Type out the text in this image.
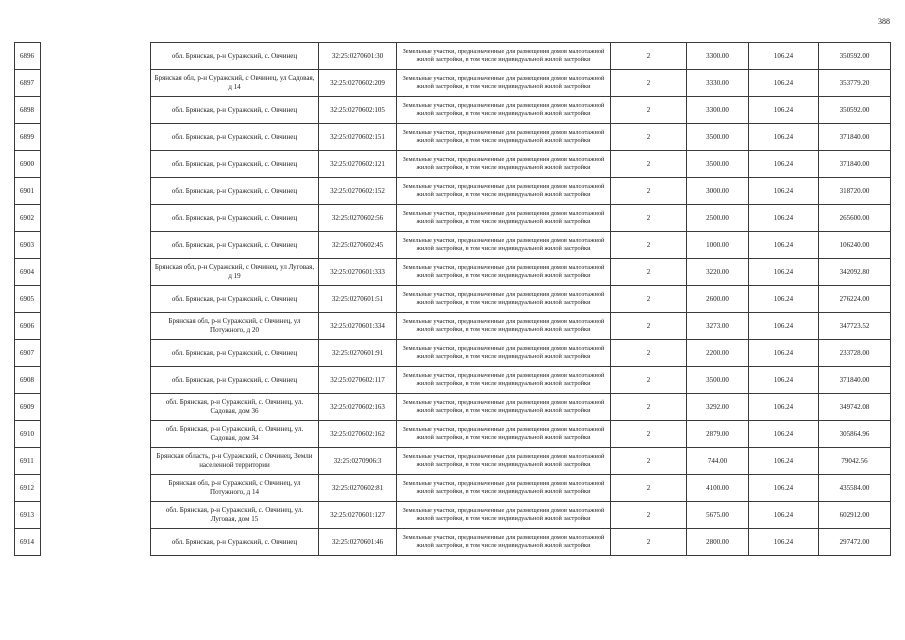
388
6896		обл. Брянская, р-н Суражский, с. Овчинец	32:25:0270601:30	Земельные участки, предназначенные для размещения домов малоэтажной жилой застройки, в том числе индивидуальной жилой застройки	2	3300.00	106.24	350592.00
6897		Брянская обл, р-н Суражский, с Овчинец, ул Садовая, д 14	32:25:0270602:209	Земельные участки, предназначенные для размещения домов малоэтажной жилой застройки, в том числе индивидуальной жилой застройки	2	3330.00	106.24	353779.20
6898		обл. Брянская, р-н Суражский, с. Овчинец	32:25:0270602:105	Земельные участки, предназначенные для размещения домов малоэтажной жилой застройки, в том числе индивидуальной жилой застройки	2	3300.00	106.24	350592.00
6899		обл. Брянская, р-н Суражский, с. Овчинец	32:25:0270602:151	Земельные участки, предназначенные для размещения домов малоэтажной жилой застройки, в том числе индивидуальной жилой застройки	2	3500.00	106.24	371840.00
6900		обл. Брянская, р-н Суражский, с. Овчинец	32:25:0270602:121	Земельные участки, предназначенные для размещения домов малоэтажной жилой застройки, в том числе индивидуальной жилой застройки	2	3500.00	106.24	371840.00
6901		обл. Брянская, р-н Суражский, с. Овчинец	32:25:0270602:152	Земельные участки, предназначенные для размещения домов малоэтажной жилой застройки, в том числе индивидуальной жилой застройки	2	3000.00	106.24	318720.00
6902		обл. Брянская, р-н Суражский, с. Овчинец	32:25:0270602:56	Земельные участки, предназначенные для размещения домов малоэтажной жилой застройки, в том числе индивидуальной жилой застройки	2	2500.00	106.24	265600.00
6903		обл. Брянская, р-н Суражский, с. Овчинец	32:25:0270602:45	Земельные участки, предназначенные для размещения домов малоэтажной жилой застройки, в том числе индивидуальной жилой застройки	2	1000.00	106.24	106240.00
6904		Брянская обл, р-н Суражский, с Овчинец, ул Луговая, д 19	32:25:0270601:333	Земельные участки, предназначенные для размещения домов малоэтажной жилой застройки, в том числе индивидуальной жилой застройки	2	3220.00	106.24	342092.80
6905		обл. Брянская, р-н Суражский, с. Овчинец	32:25:0270601:51	Земельные участки, предназначенные для размещения домов малоэтажной жилой застройки, в том числе индивидуальной жилой застройки	2	2600.00	106.24	276224.00
6906		Брянская обл, р-н Суражский, с Овчинец, ул Потужного, д 20	32:25:0270601:334	Земельные участки, предназначенные для размещения домов малоэтажной жилой застройки, в том числе индивидуальной жилой застройки	2	3273.00	106.24	347723.52
6907		обл. Брянская, р-н Суражский, с. Овчинец	32:25:0270601:91	Земельные участки, предназначенные для размещения домов малоэтажной жилой застройки, в том числе индивидуальной жилой застройки	2	2200.00	106.24	233728.00
6908		обл. Брянская, р-н Суражский, с. Овчинец	32:25:0270602:117	Земельные участки, предназначенные для размещения домов малоэтажной жилой застройки, в том числе индивидуальной жилой застройки	2	3500.00	106.24	371840.00
6909		обл. Брянская, р-н Суражский, с. Овчинец, ул. Садовая, дом 36	32:25:0270602:163	Земельные участки, предназначенные для размещения домов малоэтажной жилой застройки, в том числе индивидуальной жилой застройки	2	3292.00	106.24	349742.08
6910		обл. Брянская, р-н Суражский, с. Овчинец, ул. Садовая, дом 34	32:25:0270602:162	Земельные участки, предназначенные для размещения домов малоэтажной жилой застройки, в том числе индивидуальной жилой застройки	2	2879.00	106.24	305864.96
6911		Брянская область, р-н Суражский, с Овчинец, Земли населенной территории	32:25:0270906:3	Земельные участки, предназначенные для размещения домов малоэтажной жилой застройки, в том числе индивидуальной жилой застройки	2	744.00	106.24	79042.56
6912		Брянская обл, р-н Суражский, с Овчинец, ул Потужного, д 14	32:25:0270602:81	Земельные участки, предназначенные для размещения домов малоэтажной жилой застройки, в том числе индивидуальной жилой застройки	2	4100.00	106.24	435584.00
6913		обл. Брянская, р-н Суражский, с. Овчинец, ул. Луговая, дом 15	32:25:0270601:127	Земельные участки, предназначенные для размещения домов малоэтажной жилой застройки, в том числе индивидуальной жилой застройки	2	5675.00	106.24	602912.00
6914		обл. Брянская, р-н Суражский, с. Овчинец	32:25:0270601:46	Земельные участки, предназначенные для размещения домов малоэтажной жилой застройки, в том числе индивидуальной жилой застройки	2	2800.00	106.24	297472.00
